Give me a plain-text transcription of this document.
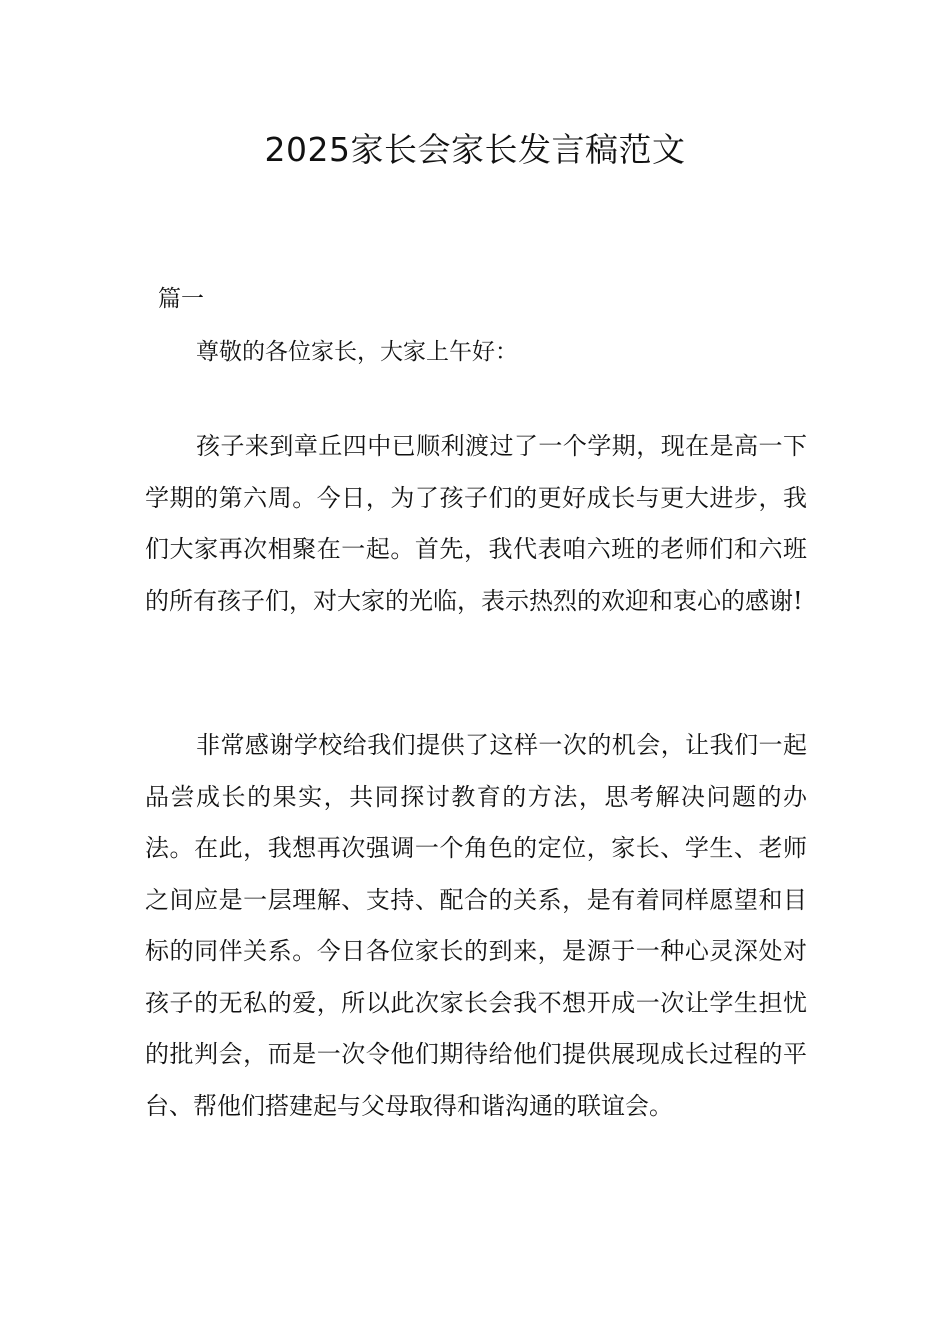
2025家长会家长发言稿范文

篇一

尊敬的各位家长，大家上午好：

孩子来到章丘四中已顺利渡过了一个学期，现在是高一下学期的第六周。今日，为了孩子们的更好成长与更大进步，我们大家再次相聚在一起。首先，我代表咱六班的老师们和六班的所有孩子们，对大家的光临，表示热烈的欢迎和衷心的感谢!

非常感谢学校给我们提供了这样一次的机会，让我们一起品尝成长的果实，共同探讨教育的方法，思考解决问题的办法。在此，我想再次强调一个角色的定位，家长、学生、老师之间应是一层理解、支持、配合的关系，是有着同样愿望和目标的同伴关系。今日各位家长的到来，是源于一种心灵深处对孩子的无私的爱，所以此次家长会我不想开成一次让学生担忧的批判会，而是一次令他们期待给他们提供展现成长过程的平台、帮他们搭建起与父母取得和谐沟通的联谊会。
